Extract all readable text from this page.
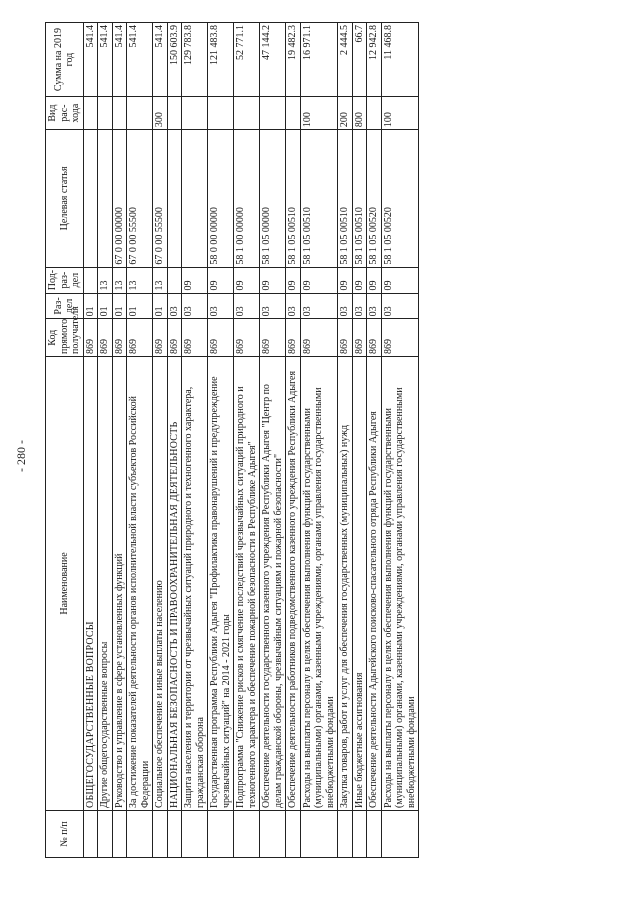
- 280 -
№ п/п	Наименование	Код прямого получателя	Раз-дел	Под-раз-дел	Целевая статья	Вид рас-хода	Сумма на 2019 год
	ОБЩЕГОСУДАРСТВЕННЫЕ ВОПРОСЫ	869	01				541.4
	Другие общегосударственные вопросы	869	01	13			541.4
	Руководство и управление в сфере установленных функций	869	01	13	67 0 00 00000		541.4
	За достижение показателей деятельности органов исполнительной власти субъектов Российской Федерации	869	01	13	67 0 00 55500		541.4
	Социальное обеспечение и иные выплаты населению	869	01	13	67 0 00 55500	300	541.4
	НАЦИОНАЛЬНАЯ БЕЗОПАСНОСТЬ И ПРАВООХРАНИТЕЛЬНАЯ ДЕЯТЕЛЬНОСТЬ	869	03				150 603.9
	Защита населения и территории от чрезвычайных ситуаций природного и техногенного характера, гражданская оборона	869	03	09			129 783.8
	Государственная программа Республики Адыгея "Профилактика правонарушений и предупреждение чрезвычайных ситуаций" на 2014 - 2021 годы	869	03	09	58 0 00 00000		121 483.8
	Подпрограмма "Снижение рисков и смягчение последствий чрезвычайных ситуаций природного и техногенного характера и обеспечение пожарной безопасности в Республике Адыгея"	869	03	09	58 1 00 00000		52 771.1
	Обеспечение деятельности государственного казенного учреждения Республики Адыгея "Центр по делам гражданской обороны, чрезвычайным ситуациям и пожарной безопасности"	869	03	09	58 1 05 00000		47 144.2
	Обеспечение деятельности работников подведомственного казенного учреждения Республики Адыгея	869	03	09	58 1 05 00510		19 482.3
	Расходы на выплаты персоналу в целях обеспечения выполнения функций государственными (муниципальными) органами, казенными учреждениями, органами управления государственными внебюджетными фондами	869	03	09	58 1 05 00510	100	16 971.1
	Закупка товаров, работ и услуг для обеспечения государственных (муниципальных) нужд	869	03	09	58 1 05 00510	200	2 444.5
	Иные бюджетные ассигнования	869	03	09	58 1 05 00510	800	66.7
	Обеспечение деятельности Адыгейского поисково-спасательного отряда Республики Адыгея	869	03	09	58 1 05 00520		12 942.8
	Расходы на выплаты персоналу в целях обеспечения выполнения функций государственными (муниципальными) органами, казенными учреждениями, органами управления государственными внебюджетными фондами	869	03	09	58 1 05 00520	100	11 468.8
